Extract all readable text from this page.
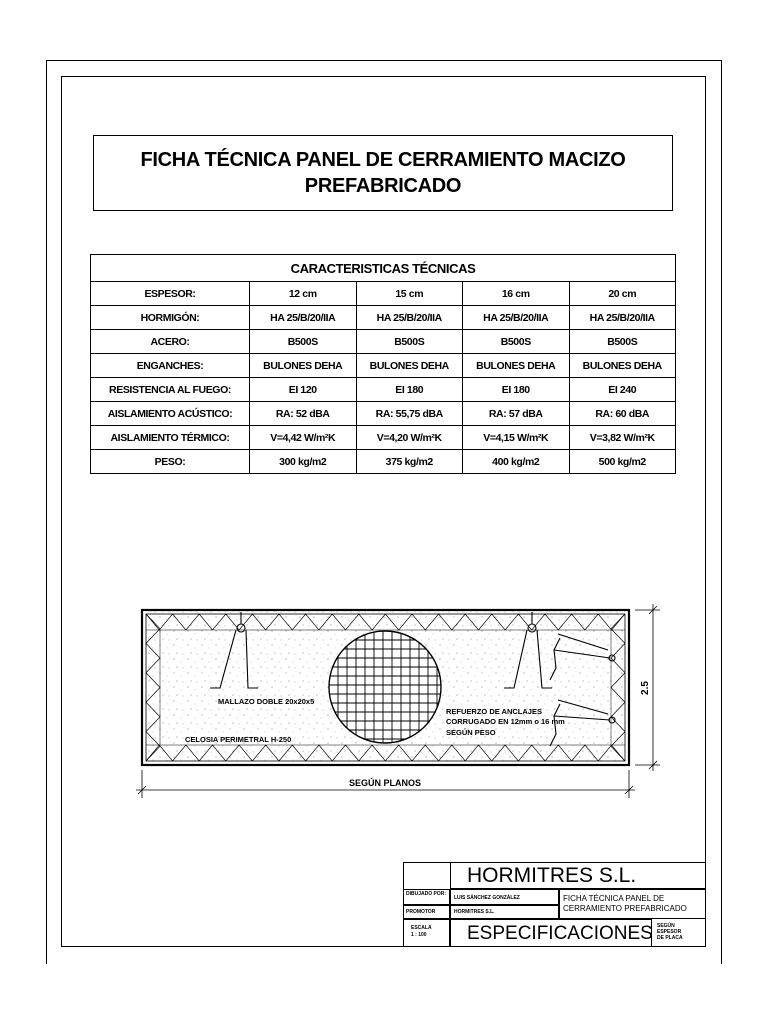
FICHA TÉCNICA PANEL DE CERRAMIENTO MACIZO
PREFABRICADO
CARACTERISTICAS TÉCNICAS				
ESPESOR:	12 cm	15 cm	16 cm	20 cm
HORMIGÓN:	HA 25/B/20/IIA	HA 25/B/20/IIA	HA 25/B/20/IIA	HA 25/B/20/IIA
ACERO:	B500S	B500S	B500S	B500S
ENGANCHES:	BULONES DEHA	BULONES DEHA	BULONES DEHA	BULONES DEHA
RESISTENCIA AL FUEGO:	EI 120	EI 180	EI 180	EI 240
AISLAMIENTO ACÚSTICO:	RA: 52 dBA	RA: 55,75 dBA	RA: 57 dBA	RA: 60 dBA
AISLAMIENTO TÉRMICO:	V=4,42 W/m²K	V=4,20 W/m²K	V=4,15 W/m²K	V=3,82 W/m²K
PESO:	300 kg/m2	375 kg/m2	400 kg/m2	500 kg/m2
MALLAZO DOBLE 20x20x5
CELOSIA PERIMETRAL H-250
REFUERZO DE ANCLAJES
CORRUGADO EN 12mm o 16 mm
SEGÚN PESO
SEGÚN PLANOS
2.5
HORMITRES S.L.
DIBUJADO POR:
LUIS SÁNCHEZ GONZÁLEZ
PROMOTOR	HORMITRES S.L.
FICHA TÉCNICA PANEL DE
CERRAMIENTO PREFABRICADO
ESCALA
1 : 100 ESPECIFICACIONES SEGÚN
ESPESOR
DE PLACA
